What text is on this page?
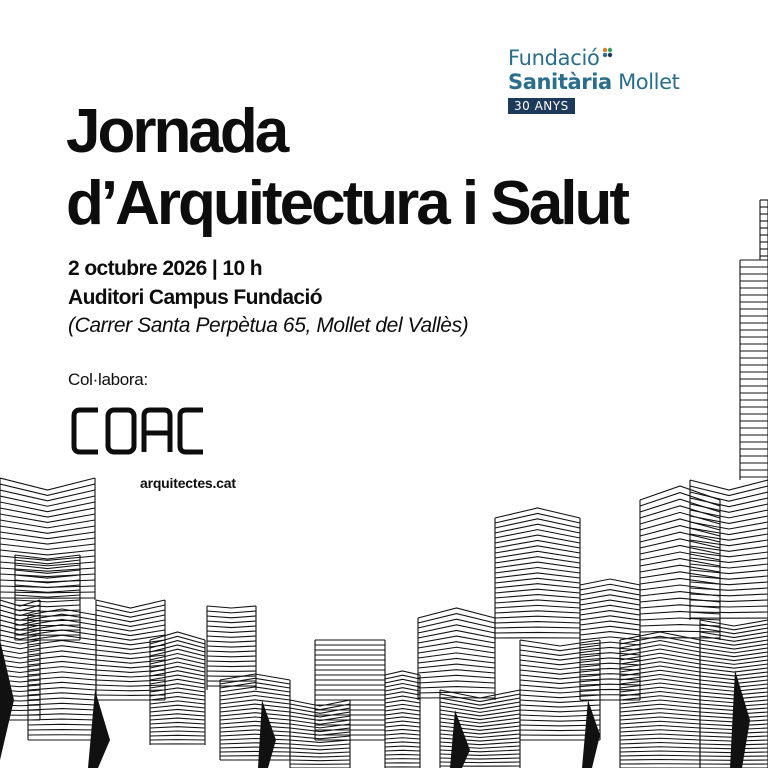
Fundació
Sanitària Mollet
30 ANYS
Jornada
d’Arquitectura i Salut
2 octubre 2026 | 10 h
Auditori Campus Fundació
(Carrer Santa Perpètua 65, Mollet del Vallès)
Col·labora:
arquitectes.cat
